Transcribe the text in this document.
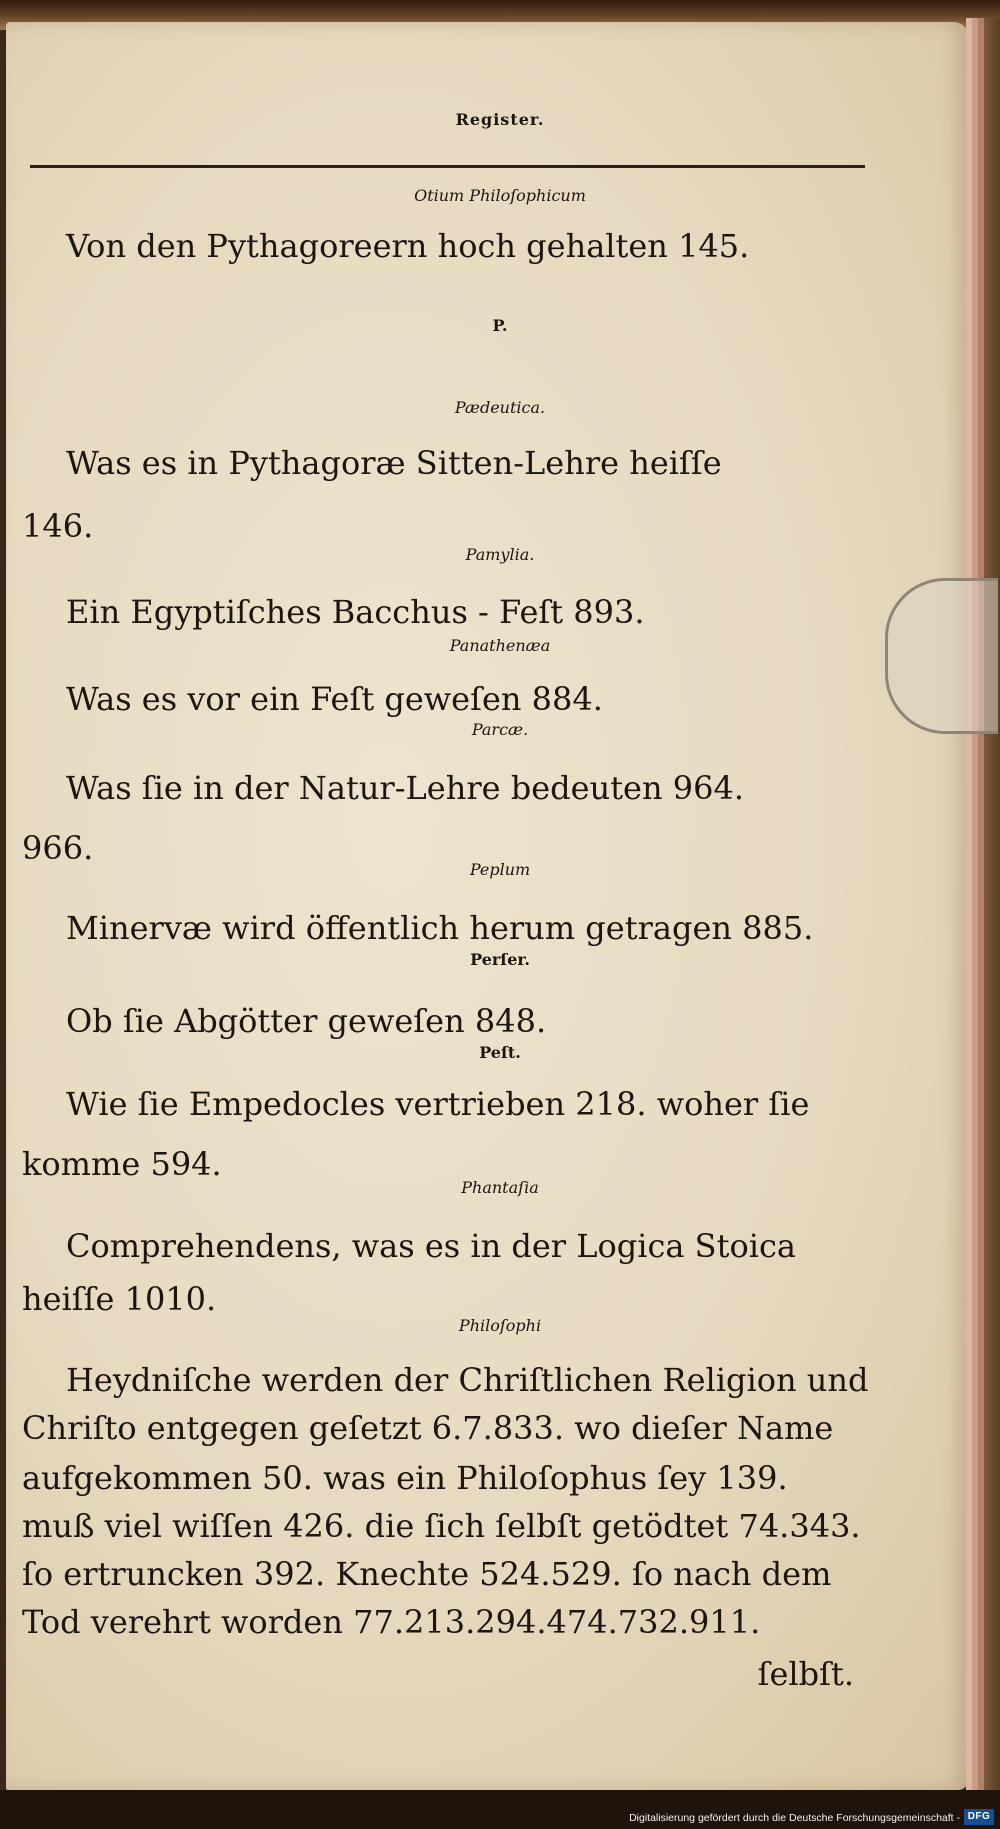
Register.

Otium Philoſophicum

Von den Pythagoreern hoch gehalten 145.

P.

Pædeutica.

Was es in Pythagoræ Sitten-Lehre heiſſe

146.

Pamylia.

Ein Egyptiſches Bacchus - Feſt 893.

Panathenæa

Was es vor ein Feſt geweſen 884.

Parcæ.

Was ſie in der Natur-Lehre bedeuten 964.

966.

Peplum

Minervæ wird öffentlich herum getragen 885.

Perſer.

Ob ſie Abgötter geweſen 848.

Peſt.

Wie ſie Empedocles vertrieben 218. woher ſie

komme 594.

Phantaſia

Comprehendens, was es in der Logica Stoica

heiſſe 1010.

Philoſophi

Heydniſche werden der Chriſtlichen Religion und

Chriſto entgegen geſetzt 6.7.833. wo dieſer Name

aufgekommen 50. was ein Philoſophus ſey 139.

muß viel wiſſen 426. die ſich ſelbſt getödtet 74.343.

ſo ertruncken 392. Knechte 524.529. ſo nach dem

Tod verehrt worden 77.213.294.474.732.911.

ſelbſt.

Digitalisierung gefördert durch die Deutsche Forschungsgemeinschaft - DFG
